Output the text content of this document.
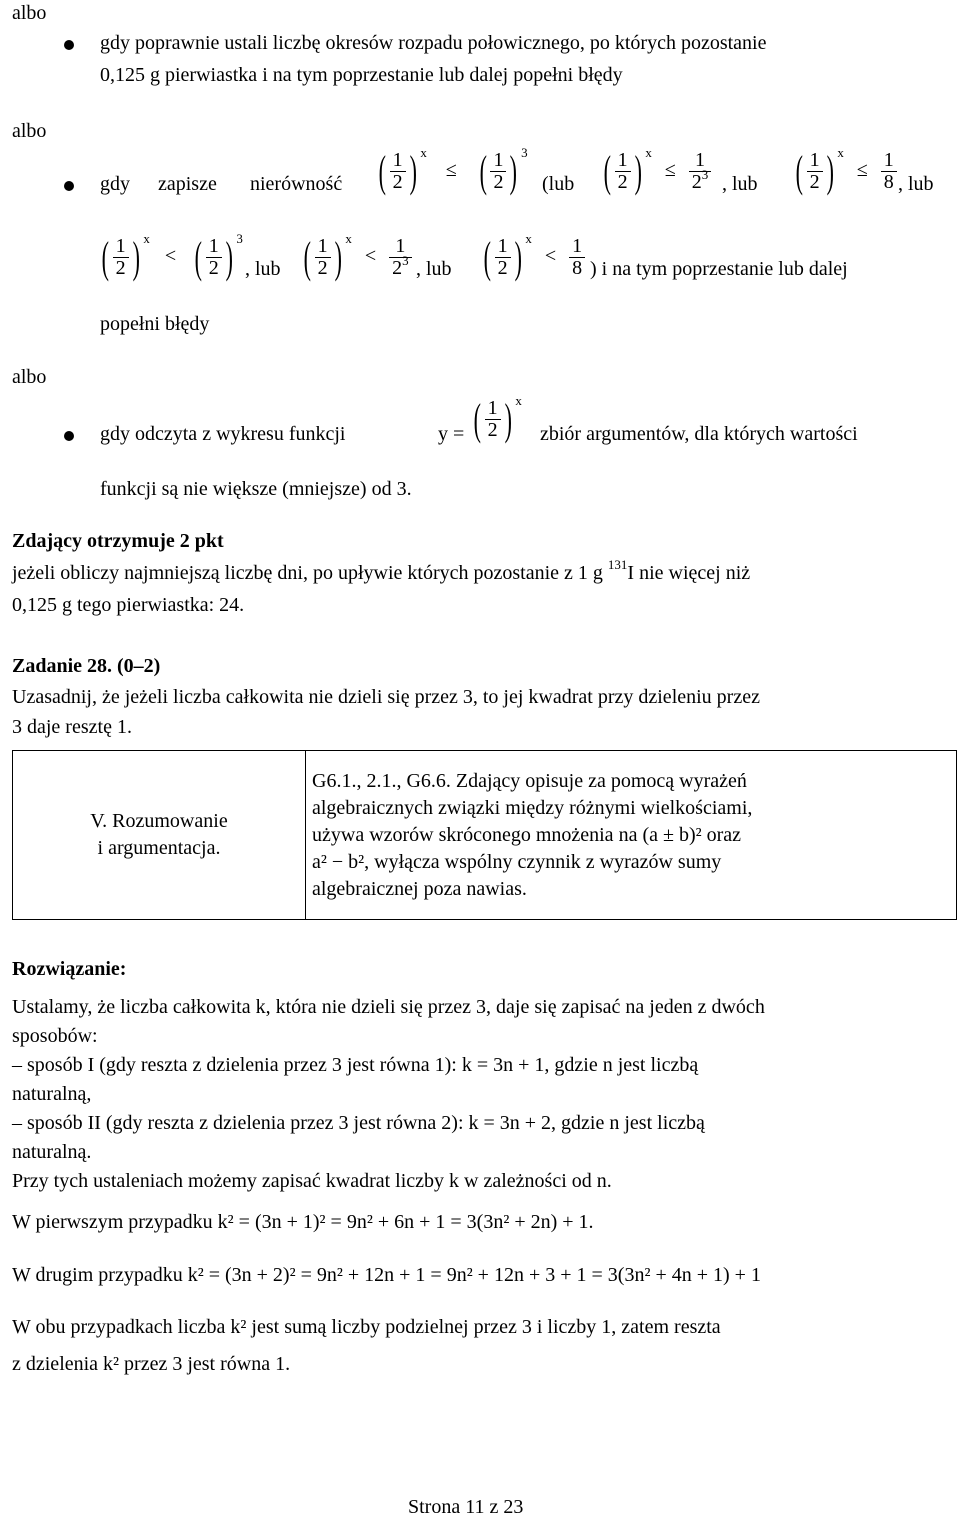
albo
gdy poprawnie ustali liczbę okresów rozpadu połowicznego, po których pozostanie
0,125 g pierwiastka i na tym poprzestanie lub dalej popełni błędy
albo
gdy zapisze nierówność ( $\frac{1}{2}$ ) $^x$ ≤ ( $\frac{1}{2}$ ) $^3$
(lub ( $\frac{1}{2}$ ) $^x \le \frac{1}{2^3}$ , lub ( $\frac{1}{2}$ ) $^x \le \frac{1}{8}$ , lub
( $\frac{1}{2}$ ) $^x$ < ( $\frac{1}{2}$ ) $^3$
, lub ( $\frac{1}{2}$ ) $^x < \frac{1}{2^3}$ , lub ( $\frac{1}{2}$ ) $^x < \frac{1}{8}$ ) i na tym poprzestanie lub dalej
popełni błędy
albo
gdy odczyta z wykresu funkcji	y = ( $\frac{1}{2}$ ) $^x$
zbiór argumentów, dla których wartości
funkcji są nie większe (mniejsze) od 3.
Zdający otrzymuje 2 pkt
jeżeli obliczy najmniejszą liczbę dni, po upływie których pozostanie z 1 g $^{131}$I nie więcej niż
0,125 g tego pierwiastka: 24.
Zadanie 28. (0‒2)
Uzasadnij, że jeżeli liczba całkowita nie dzieli się przez 3, to jej kwadrat przy dzieleniu przez
3 daje resztę 1.
V. Rozumowanie
i argumentacja.

G6.1., 2.1., G6.6. Zdający opisuje za pomocą wyrażeń
algebraicznych związki między różnymi wielkościami,
używa wzorów skróconego mnożenia na (a ± b)² oraz
a² − b², wyłącza wspólny czynnik z wyrazów sumy
algebraicznej poza nawias.
Rozwiązanie:
Ustalamy, że liczba całkowita k, która nie dzieli się przez 3, daje się zapisać na jeden z dwóch
sposobów:
– sposób I (gdy reszta z dzielenia przez 3 jest równa 1): k = 3n + 1, gdzie n jest liczbą
naturalną,
– sposób II (gdy reszta z dzielenia przez 3 jest równa 2): k = 3n + 2, gdzie n jest liczbą
naturalną.
Przy tych ustaleniach możemy zapisać kwadrat liczby k w zależności od n.
W pierwszym przypadku k² = (3n + 1)² = 9n² + 6n + 1 = 3(3n² + 2n) + 1.
W drugim przypadku k² = (3n + 2)² = 9n² + 12n + 1 = 9n² + 12n + 3 + 1 = 3(3n² + 4n + 1) + 1
W obu przypadkach liczba k² jest sumą liczby podzielnej przez 3 i liczby 1, zatem reszta
z dzielenia k² przez 3 jest równa 1.
Strona 11 z 23
